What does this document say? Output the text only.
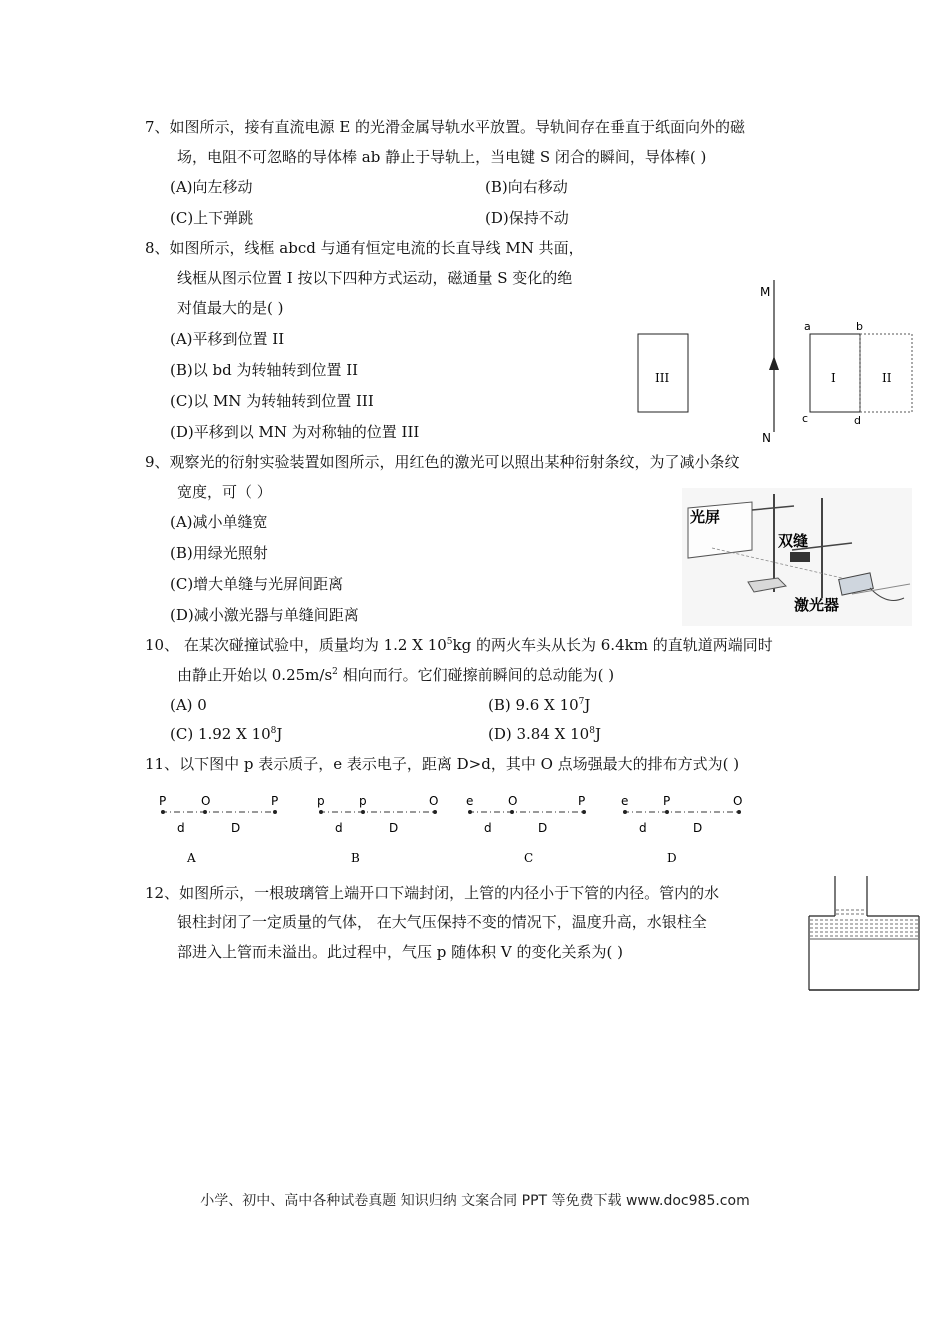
7、如图所示，接有直流电源 E 的光滑金属导轨水平放置。导轨间存在垂直于纸面向外的磁
场，电阻不可忽略的导体棒 ab 静止于导轨上，当电键 S 闭合的瞬间，导体棒( )
(A)向左移动	(B)向右移动
(C)上下弹跳	(D)保持不动
8、如图所示，线框 abcd 与通有恒定电流的长直导线 MN 共面，
线框从图示位置 I 按以下四种方式运动，磁通量 S 变化的绝
对值最大的是( )
(A)平移到位置 II
(B)以 bd 为转轴转到位置 II
(C)以 MN 为转轴转到位置 III
(D)平移到以 MN 为对称轴的位置 III
M
N
a	b
c	d
I	II
III
9、观察光的衍射实验装置如图所示，用红色的激光可以照出某种衍射条纹，为了减小条纹
宽度，可（ ）
(A)减小单缝宽
(B)用绿光照射
(C)增大单缝与光屏间距离
(D)减小激光器与单缝间距离
光屏
双缝
激光器
10、 在某次碰撞试验中，质量均为 1.2 X $10^5kg$ 的两火车头从长为 6.4km 的直轨道两端同时
由静止开始以 $0.25m/s^2$ 相向而行。它们碰擦前瞬间的总动能为( )
(A) 0	(B) 9.6 X $10^7J$
(C) 1.92 X $10^8J$	(D) 3.84 X $10^8J$
11、以下图中 p 表示质子，e 表示电子，距离 D>d，其中 O 点场强最大的排布方式为( )
P	O	P
d	D
A
p	p	O
d	D
B
e	O	P
d	D
C
e	P	O
d	D
D
12、如图所示，一根玻璃管上端开口下端封闭，上管的内径小于下管的内径。管内的水
银柱封闭了一定质量的气体， 在大气压保持不变的情况下，温度升高，水银柱全
部进入上管而未溢出。此过程中，气压 p 随体积 V 的变化关系为( )
小学、初中、高中各种试卷真题 知识归纳 文案合同 PPT 等免费下载 www.doc985.com
